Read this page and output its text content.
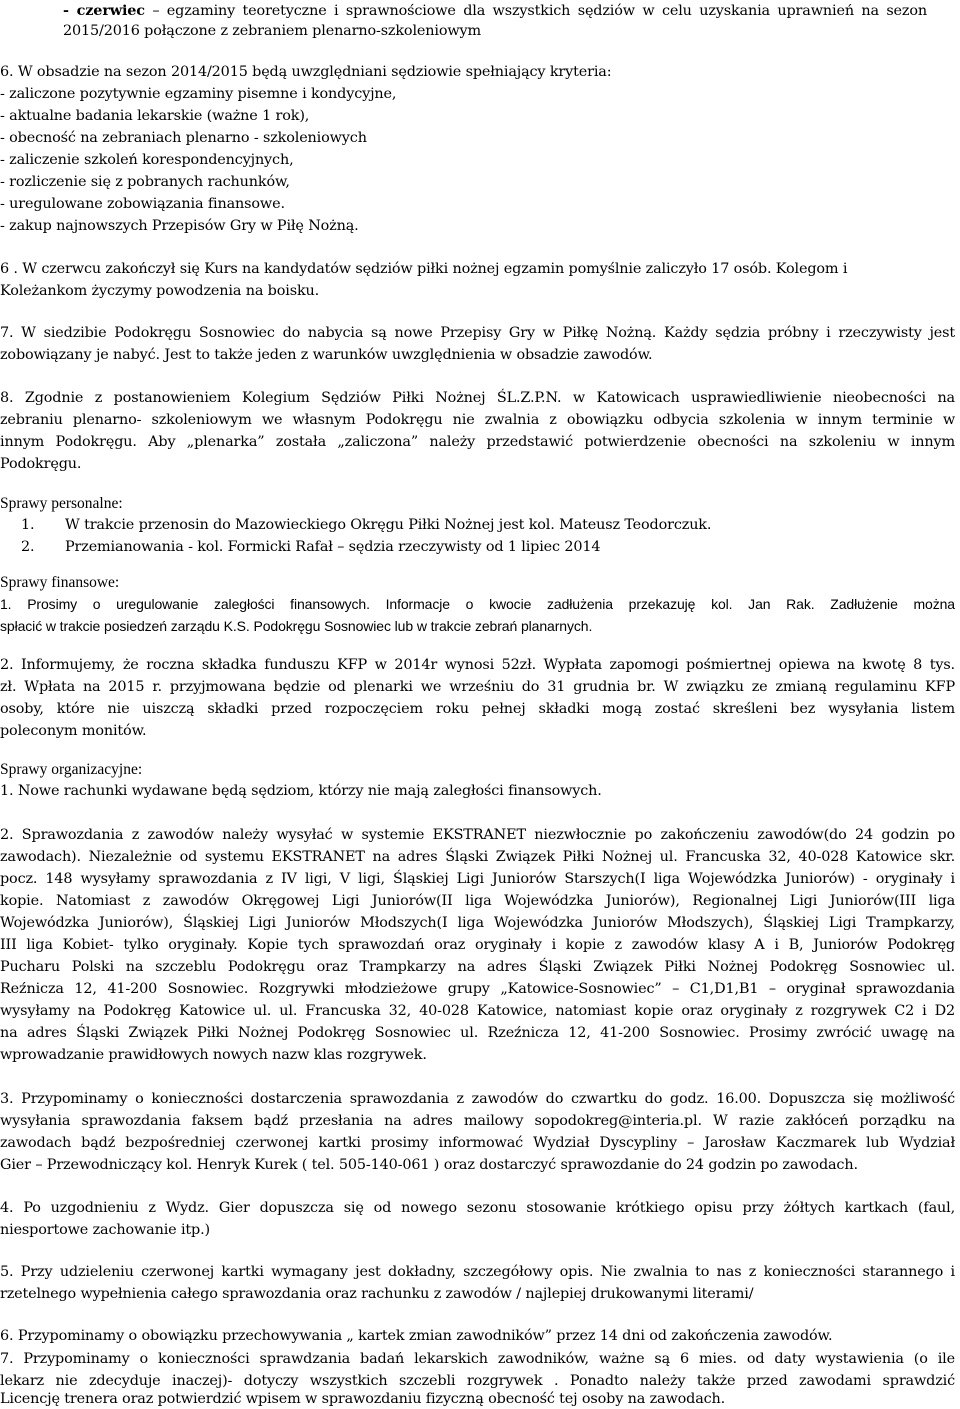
- czerwiec – egzaminy teoretyczne i sprawnościowe dla wszystkich sędziów w celu uzyskania uprawnień na sezon
2015/2016 połączone z zebraniem plenarno-szkoleniowym
6. W obsadzie na sezon 2014/2015 będą uwzględniani sędziowie spełniający kryteria:
- zaliczone pozytywnie egzaminy pisemne i kondycyjne,
- aktualne badania lekarskie (ważne 1 rok),
- obecność na zebraniach plenarno - szkoleniowych
- zaliczenie szkoleń korespondencyjnych,
- rozliczenie się z pobranych rachunków,
- uregulowane zobowiązania finansowe.
- zakup najnowszych Przepisów Gry w Piłę Nożną.
6 . W czerwcu zakończył się Kurs na kandydatów sędziów piłki nożnej egzamin pomyślnie zaliczyło 17 osób. Kolegom i
Koleżankom życzymy powodzenia na boisku.
7. W siedzibie Podokręgu Sosnowiec do nabycia są nowe Przepisy Gry w Piłkę Nożną. Każdy sędzia próbny i rzeczywisty jest
zobowiązany je nabyć. Jest to także jeden z warunków uwzględnienia w obsadzie zawodów.
8. Zgodnie z postanowieniem Kolegium Sędziów Piłki Nożnej ŚL.Z.P.N. w Katowicach usprawiedliwienie nieobecności na
zebraniu plenarno- szkoleniowym we własnym Podokręgu nie zwalnia z obowiązku odbycia szkolenia w innym terminie w
innym Podokręgu. Aby „plenarka” została „zaliczona” należy przedstawić potwierdzenie obecności na szkoleniu w innym
Podokręgu.
Sprawy personalne:
1. W trakcie przenosin do Mazowieckiego Okręgu Piłki Nożnej jest kol. Mateusz Teodorczuk.
2. Przemianowania - kol. Formicki Rafał – sędzia rzeczywisty od 1 lipiec 2014
Sprawy finansowe:
1. Prosimy o uregulowanie zaległości finansowych. Informacje o kwocie zadłużenia przekazuję kol. Jan Rak. Zadłużenie można
spłacić w trakcie posiedzeń zarządu K.S. Podokręgu Sosnowiec lub w trakcie zebrań planarnych.
2. Informujemy, że roczna składka funduszu KFP w 2014r wynosi 52zł. Wypłata zapomogi pośmiertnej opiewa na kwotę 8 tys.
zł. Wpłata na 2015 r. przyjmowana będzie od plenarki we wrześniu do 31 grudnia br. W związku ze zmianą regulaminu KFP
osoby, które nie uiszczą składki przed rozpoczęciem roku pełnej składki mogą zostać skreśleni bez wysyłania listem
poleconym monitów.
Sprawy organizacyjne:
1. Nowe rachunki wydawane będą sędziom, którzy nie mają zaległości finansowych.
2. Sprawozdania z zawodów należy wysyłać w systemie EKSTRANET niezwłocznie po zakończeniu zawodów(do 24 godzin po
zawodach). Niezależnie od systemu EKSTRANET na adres Śląski Związek Piłki Nożnej ul. Francuska 32, 40-028 Katowice skr.
pocz. 148 wysyłamy sprawozdania z IV ligi, V ligi, Śląskiej Ligi Juniorów Starszych(I liga Wojewódzka Juniorów) - oryginały i
kopie. Natomiast z zawodów Okręgowej Ligi Juniorów(II liga Wojewódzka Juniorów), Regionalnej Ligi Juniorów(III liga
Wojewódzka Juniorów), Śląskiej Ligi Juniorów Młodszych(I liga Wojewódzka Juniorów Młodszych), Śląskiej Ligi Trampkarzy,
III liga Kobiet- tylko oryginały. Kopie tych sprawozdań oraz oryginały i kopie z zawodów klasy A i B, Juniorów Podokręg
Pucharu Polski na szczeblu Podokręgu oraz Trampkarzy na adres Śląski Związek Piłki Nożnej Podokręg Sosnowiec ul.
Reźnicza 12, 41-200 Sosnowiec. Rozgrywki młodzieżowe grupy „Katowice-Sosnowiec” – C1,D1,B1 – oryginał sprawozdania
wysyłamy na Podokręg Katowice ul. ul. Francuska 32, 40-028 Katowice, natomiast kopie oraz oryginały z rozgrywek C2 i D2
na adres Śląski Związek Piłki Nożnej Podokręg Sosnowiec ul. Rzeźnicza 12, 41-200 Sosnowiec. Prosimy zwrócić uwagę na
wprowadzanie prawidłowych nowych nazw klas rozgrywek.
3. Przypominamy o konieczności dostarczenia sprawozdania z zawodów do czwartku do godz. 16.00. Dopuszcza się możliwość
wysyłania sprawozdania faksem bądź przesłania na adres mailowy sopodokreg@interia.pl. W razie zakłóceń porządku na
zawodach bądź bezpośredniej czerwonej kartki prosimy informować Wydział Dyscypliny – Jarosław Kaczmarek lub Wydział
Gier – Przewodniczący kol. Henryk Kurek ( tel. 505-140-061 ) oraz dostarczyć sprawozdanie do 24 godzin po zawodach.
4. Po uzgodnieniu z Wydz. Gier dopuszcza się od nowego sezonu stosowanie krótkiego opisu przy żółtych kartkach (faul,
niesportowe zachowanie itp.)
5. Przy udzieleniu czerwonej kartki wymagany jest dokładny, szczegółowy opis. Nie zwalnia to nas z konieczności starannego i
rzetelnego wypełnienia całego sprawozdania oraz rachunku z zawodów / najlepiej drukowanymi literami/
6. Przypominamy o obowiązku przechowywania „ kartek zmian zawodników” przez 14 dni od zakończenia zawodów.
7. Przypominamy o konieczności sprawdzania badań lekarskich zawodników, ważne są 6 mies. od daty wystawienia (o ile
lekarz nie zdecyduje inaczej)- dotyczy wszystkich szczebli rozgrywek . Ponadto należy także przed zawodami sprawdzić
Licencję trenera oraz potwierdzić wpisem w sprawozdaniu fizyczną obecność tej osoby na zawodach.
